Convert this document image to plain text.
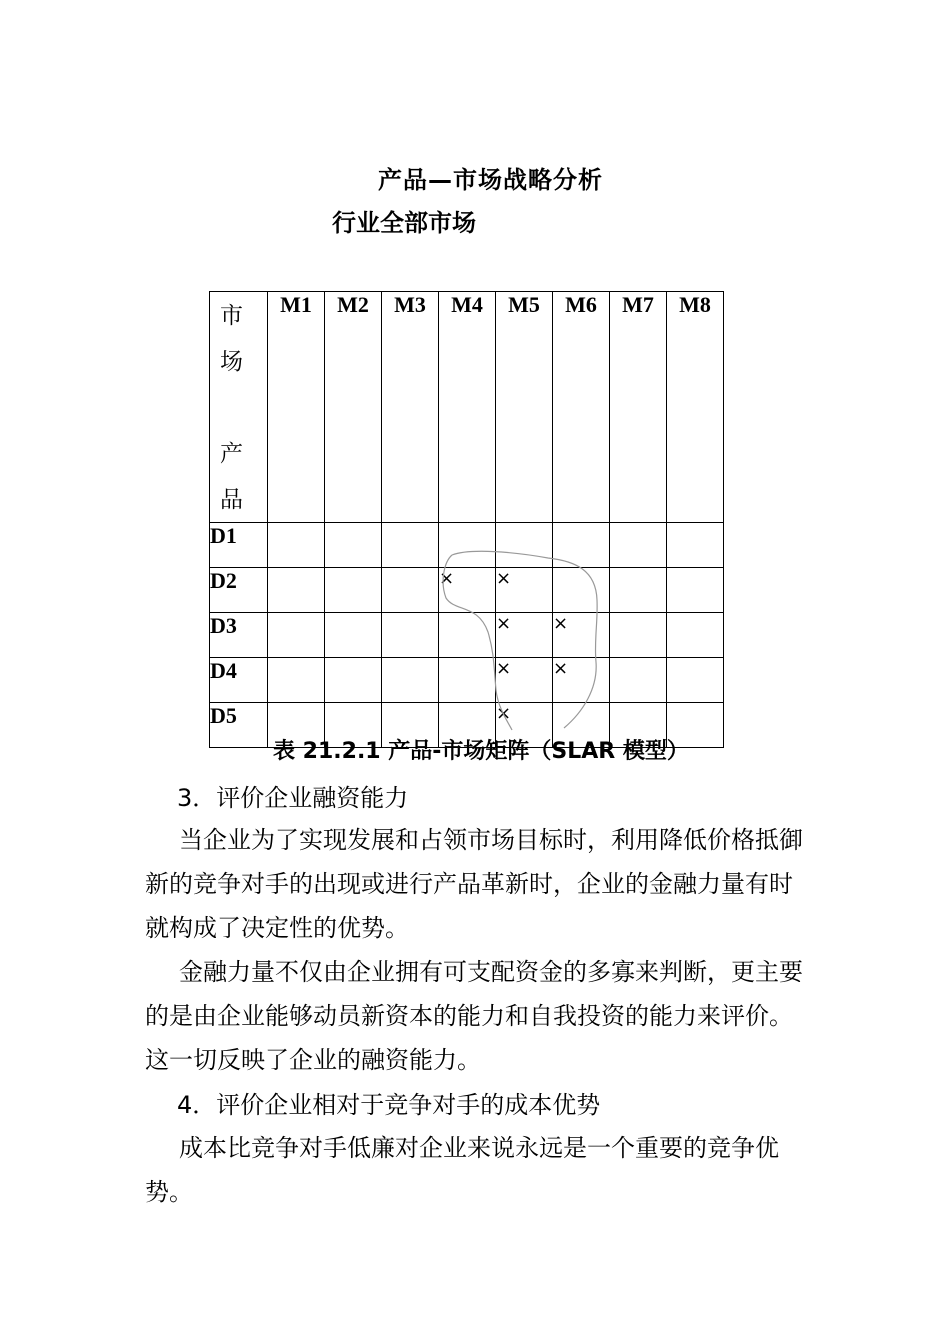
产品—市场战略分析
行业全部市场
市
场
产
品	M1	M2	M3	M4	M5	M6	M7	M8
D1								
D2				×	×			
D3					×	×		
D4					×	×		
D5					×			
表 21.2.1 产品-市场矩阵（SLAR 模型）
3．评价企业融资能力
当企业为了实现发展和占领市场目标时，利用降低价格抵御新的竞争对手的出现或进行产品革新时，企业的金融力量有时就构成了决定性的优势。
金融力量不仅由企业拥有可支配资金的多寡来判断，更主要的是由企业能够动员新资本的能力和自我投资的能力来评价。这一切反映了企业的融资能力。
4．评价企业相对于竞争对手的成本优势
成本比竞争对手低廉对企业来说永远是一个重要的竞争优势。
